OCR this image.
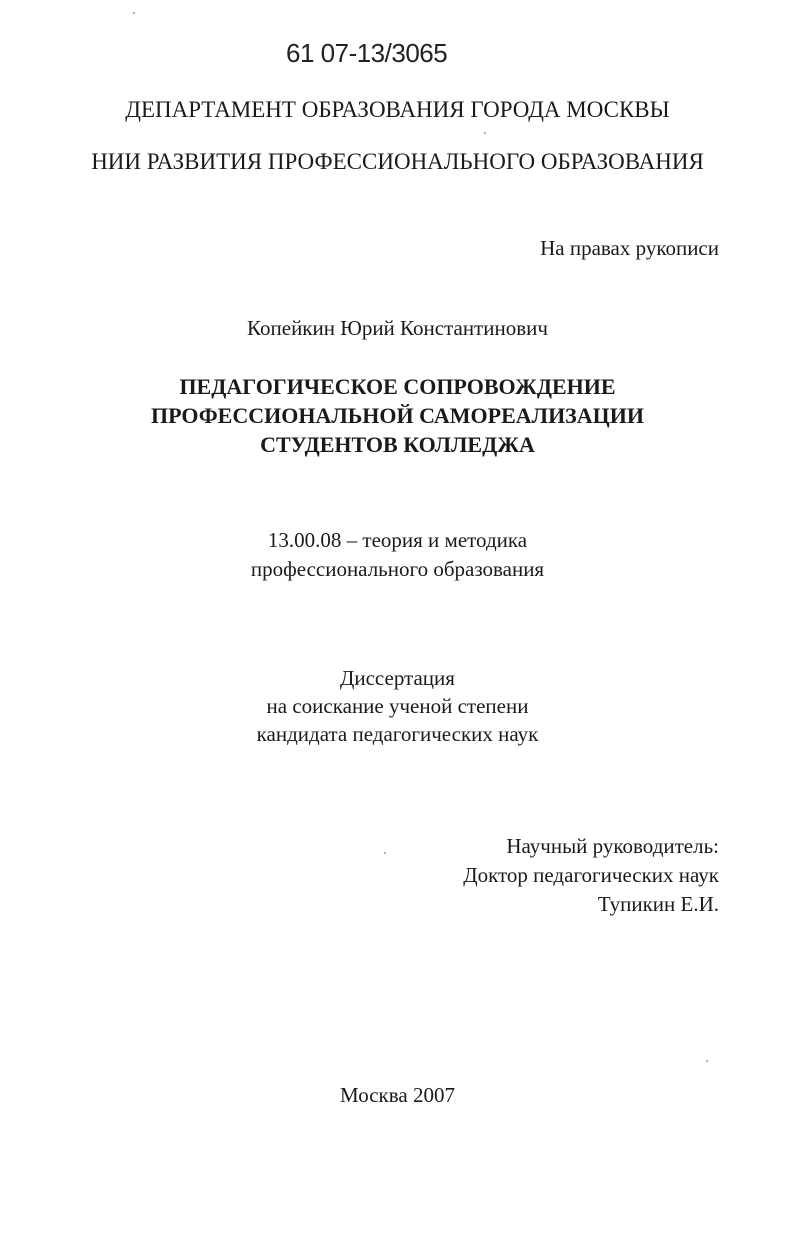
61 07-13/3065
ДЕПАРТАМЕНТ ОБРАЗОВАНИЯ ГОРОДА МОСКВЫ
НИИ РАЗВИТИЯ ПРОФЕССИОНАЛЬНОГО ОБРАЗОВАНИЯ
На правах рукописи
Копейкин Юрий Константинович
ПЕДАГОГИЧЕСКОЕ СОПРОВОЖДЕНИЕ
ПРОФЕССИОНАЛЬНОЙ САМОРЕАЛИЗАЦИИ
СТУДЕНТОВ КОЛЛЕДЖА
13.00.08 – теория и методика
профессионального образования
Диссертация
на соискание ученой степени
кандидата педагогических наук
Научный руководитель:
Доктор педагогических наук
Тупикин Е.И.
Москва 2007
